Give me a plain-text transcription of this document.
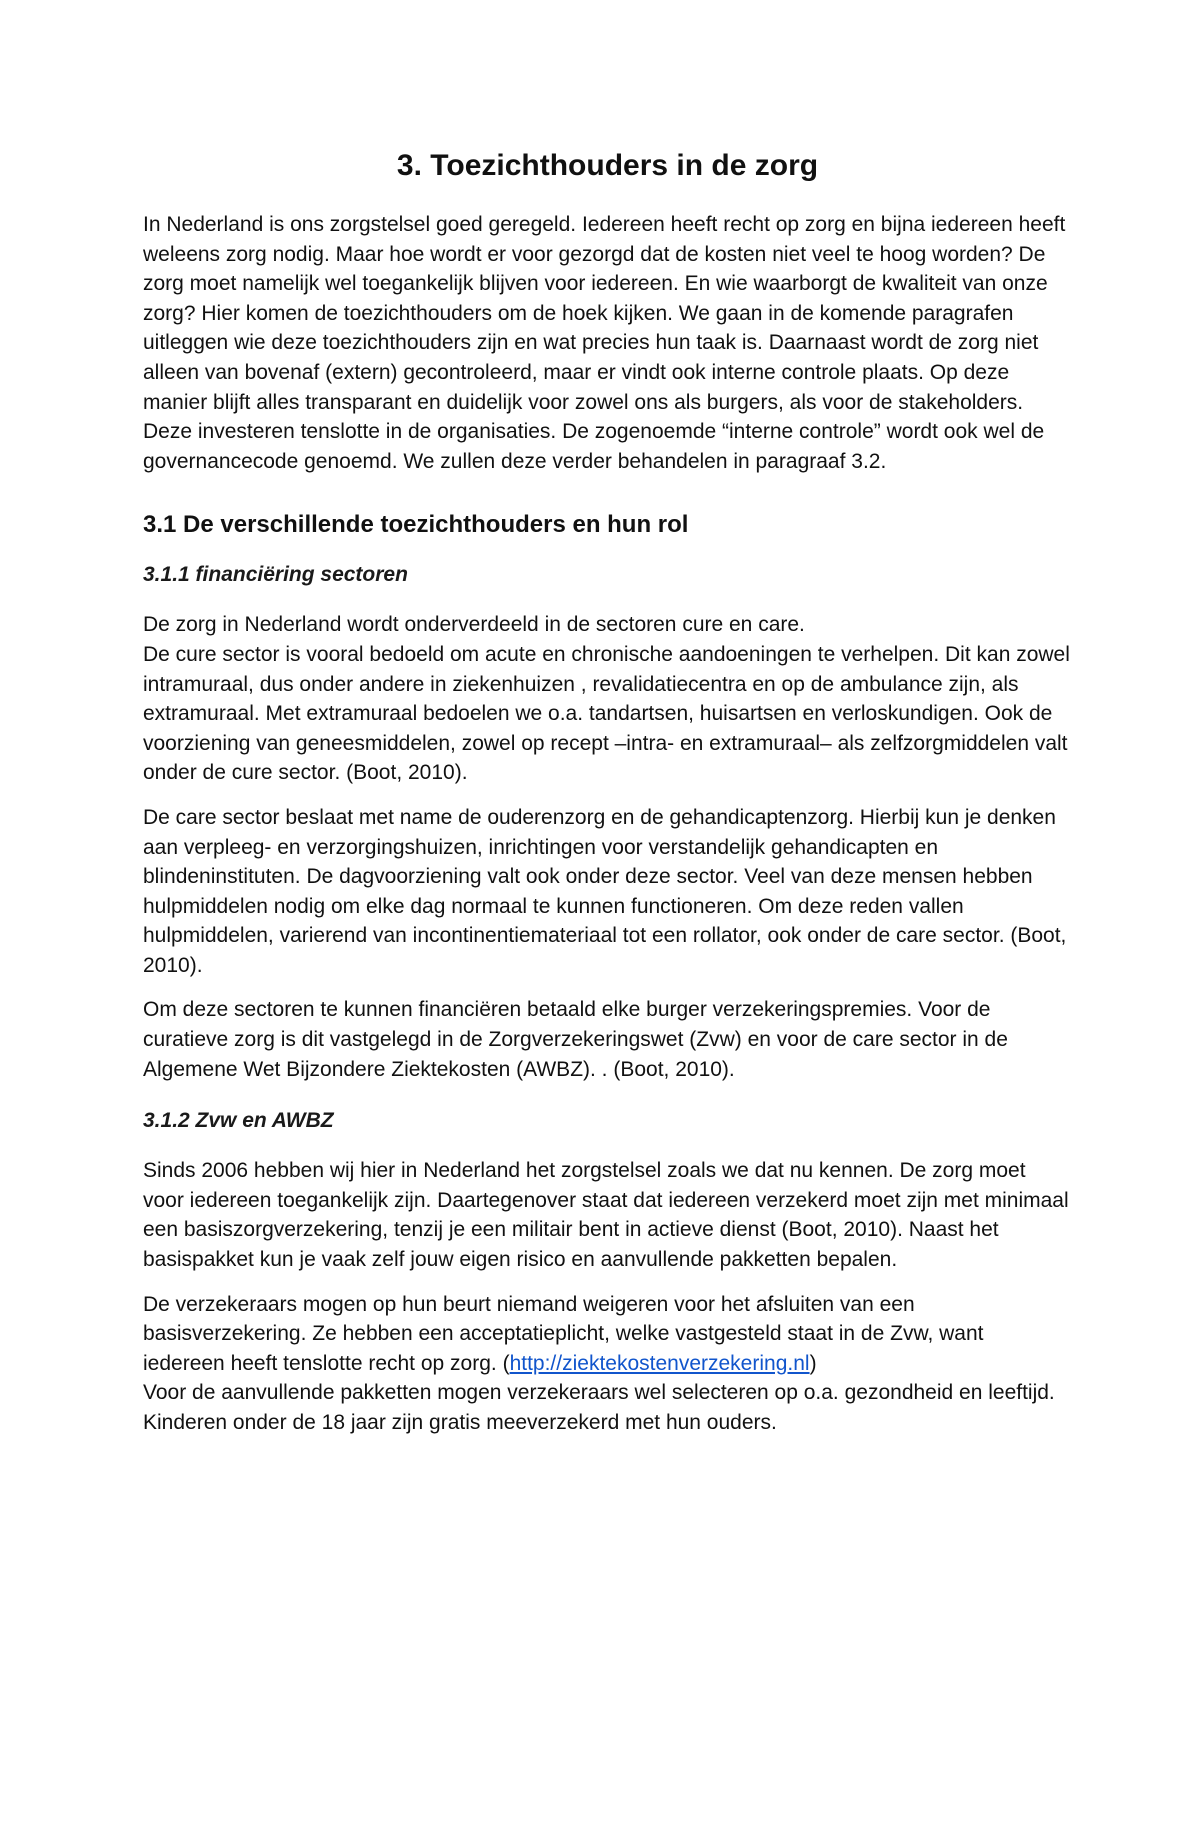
3. Toezichthouders in de zorg

In Nederland is ons zorgstelsel goed geregeld. Iedereen heeft recht op zorg en bijna iedereen heeft weleens zorg nodig. Maar hoe wordt er voor gezorgd dat de kosten niet veel te hoog worden? De zorg moet namelijk wel toegankelijk blijven voor iedereen. En wie waarborgt de kwaliteit van onze zorg? Hier komen de toezichthouders om de hoek kijken. We gaan in de komende paragrafen uitleggen wie deze toezichthouders zijn en wat precies hun taak is. Daarnaast wordt de zorg niet alleen van bovenaf (extern) gecontroleerd, maar er vindt ook interne controle plaats. Op deze manier blijft alles transparant en duidelijk voor zowel ons als burgers, als voor de stakeholders. Deze investeren tenslotte in de organisaties. De zogenoemde “interne controle” wordt ook wel de governancecode genoemd. We zullen deze verder behandelen in paragraaf 3.2.

3.1 De verschillende toezichthouders en hun rol
3.1.1 financiëring sectoren

De zorg in Nederland wordt onderverdeeld in de sectoren cure en care.

De cure sector is vooral bedoeld om acute en chronische aandoeningen te verhelpen. Dit kan zowel intramuraal, dus onder andere in ziekenhuizen , revalidatiecentra en op de ambulance zijn, als extramuraal. Met extramuraal bedoelen we o.a. tandartsen, huisartsen en verloskundigen. Ook de voorziening van geneesmiddelen, zowel op recept –intra- en extramuraal– als zelfzorgmiddelen valt onder de cure sector. (Boot, 2010).

De care sector beslaat met name de ouderenzorg en de gehandicaptenzorg. Hierbij kun je denken aan verpleeg- en verzorgingshuizen, inrichtingen voor verstandelijk gehandicapten en blindeninstituten. De dagvoorziening valt ook onder deze sector. Veel van deze mensen hebben hulpmiddelen nodig om elke dag normaal te kunnen functioneren. Om deze reden vallen hulpmiddelen, varierend van incontinentiemateriaal tot een rollator, ook onder de care sector. (Boot, 2010).

Om deze sectoren te kunnen financiëren betaald elke burger verzekeringspremies. Voor de curatieve zorg is dit vastgelegd in de Zorgverzekeringswet (Zvw) en voor de care sector in de Algemene Wet Bijzondere Ziektekosten (AWBZ). . (Boot, 2010).

3.1.2 Zvw en AWBZ

Sinds 2006 hebben wij hier in Nederland het zorgstelsel zoals we dat nu kennen. De zorg moet voor iedereen toegankelijk zijn. Daartegenover staat dat iedereen verzekerd moet zijn met minimaal een basiszorgverzekering, tenzij je een militair bent in actieve dienst (Boot, 2010). Naast het basispakket kun je vaak zelf jouw eigen risico en aanvullende pakketten bepalen.

De verzekeraars mogen op hun beurt niemand weigeren voor het afsluiten van een basisverzekering. Ze hebben een acceptatieplicht, welke vastgesteld staat in de Zvw, want iedereen heeft tenslotte recht op zorg. (http://ziektekostenverzekering.nl)

Voor de aanvullende pakketten mogen verzekeraars wel selecteren op o.a. gezondheid en leeftijd. Kinderen onder de 18 jaar zijn gratis meeverzekerd met hun ouders.
